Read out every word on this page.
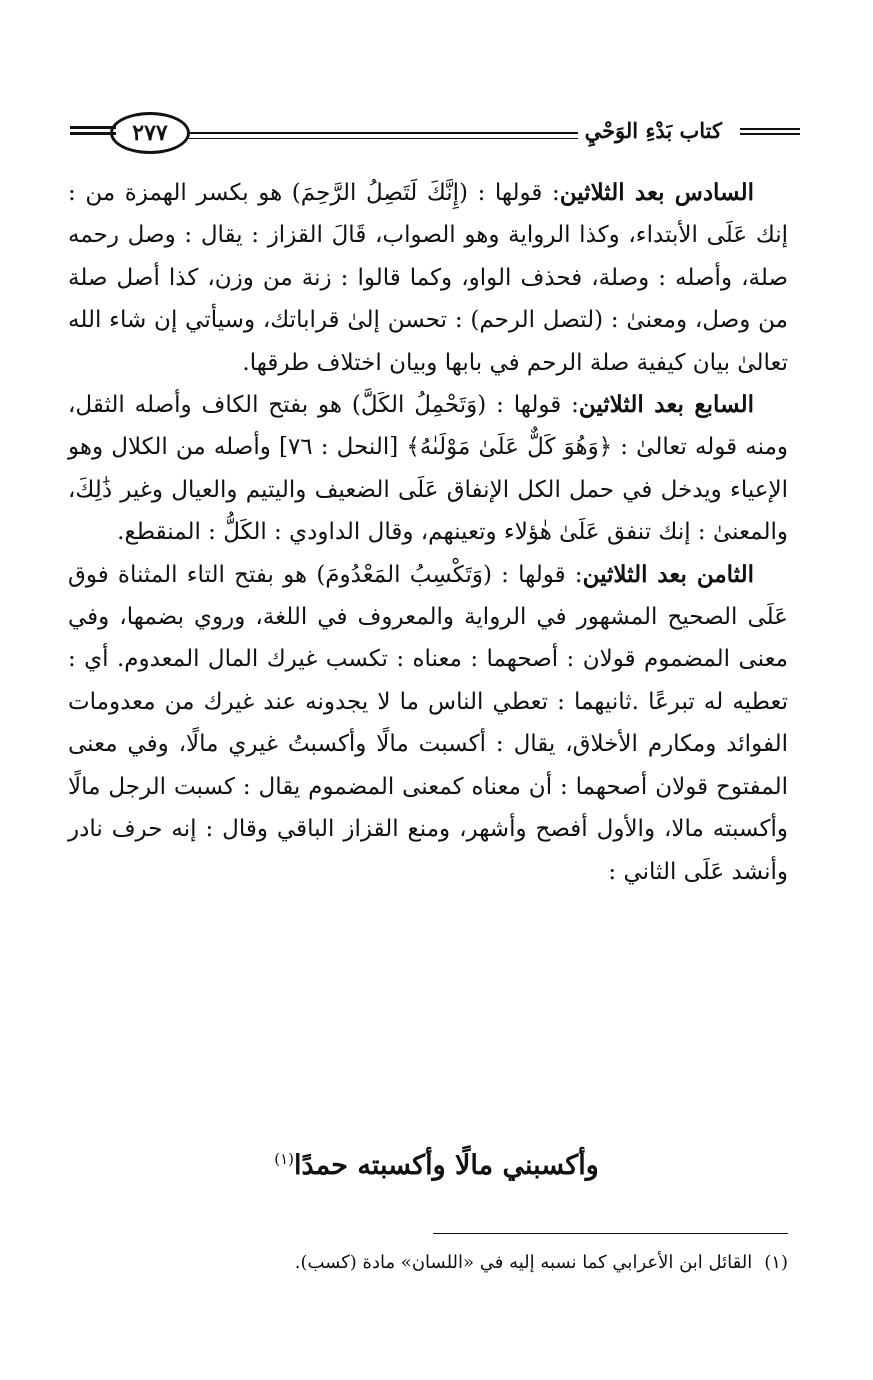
كتاب بَدْءِ الوَحْيِ
٢٧٧

السادس بعد الثلاثين: قولها : (إِنَّكَ لَتَصِلُ الرَّحِمَ) هو بكسر الهمزة من : إنك عَلَى الأبتداء، وكذا الرواية وهو الصواب، قَالَ القزاز : يقال : وصل رحمه صلة، وأصله : وصلة، فحذف الواو، وكما قالوا : زنة من وزن، كذا أصل صلة من وصل، ومعنىٰ : (لتصل الرحم) : تحسن إلىٰ قراباتك، وسيأتي إن شاء الله تعالىٰ بيان كيفية صلة الرحم في بابها وبيان اختلاف طرقها.

السابع بعد الثلاثين: قولها : (وَتَحْمِلُ الكَلَّ) هو بفتح الكاف وأصله الثقل، ومنه قوله تعالىٰ : ﴿وَهُوَ كَلٌّ عَلَىٰ مَوْلَىٰهُ﴾ [النحل : ٧٦] وأصله من الكلال وهو الإعياء ويدخل في حمل الكل الإنفاق عَلَى الضعيف واليتيم والعيال وغير ذَٰلِكَ، والمعنىٰ : إنك تنفق عَلَىٰ هٰؤلاء وتعينهم، وقال الداودي : الكَلُّ : المنقطع.

الثامن بعد الثلاثين: قولها : (وَتَكْسِبُ المَعْدُومَ) هو بفتح التاء المثناة فوق عَلَى الصحيح المشهور في الرواية والمعروف في اللغة، وروي بضمها، وفي معنى المضموم قولان : أصحهما : معناه : تكسب غيرك المال المعدوم. أي : تعطيه له تبرعًا .ثانيهما : تعطي الناس ما لا يجدونه عند غيرك من معدومات الفوائد ومكارم الأخلاق، يقال : أكسبت مالًا وأكسبتُ غيري مالًا، وفي معنى المفتوح قولان أصحهما : أن معناه كمعنى المضموم يقال : كسبت الرجل مالًا وأكسبته مالا، والأول أفصح وأشهر، ومنع القزاز الباقي وقال : إنه حرف نادر وأنشد عَلَى الثاني :

وأكسبني مالًا وأكسبته حمدًا$^{(١)}$
(١)القائل ابن الأعرابي كما نسبه إليه في «اللسان» مادة (كسب).
